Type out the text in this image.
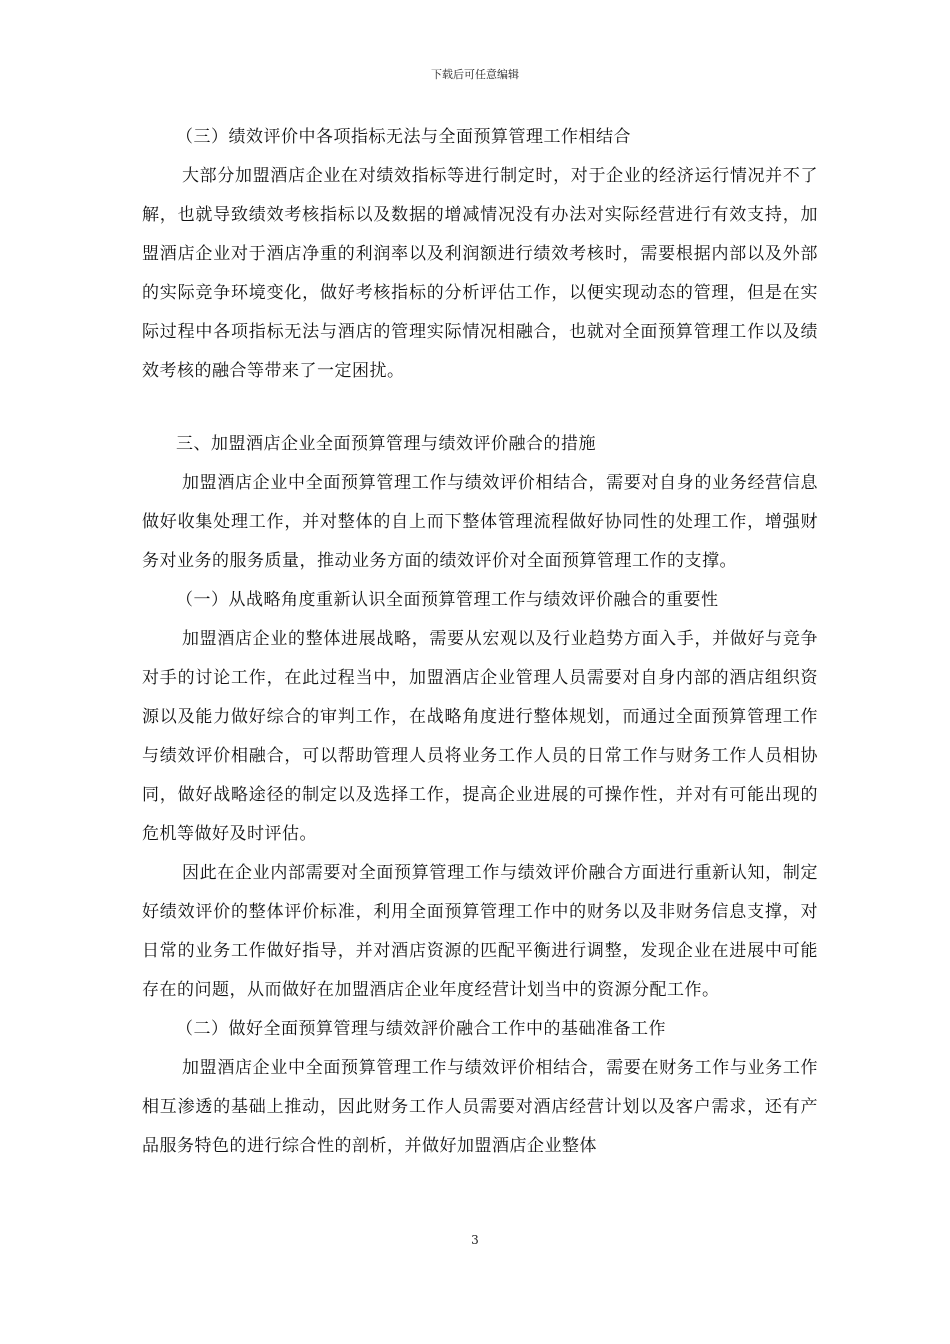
下载后可任意编辑

（三）绩效评价中各项指标无法与全面预算管理工作相结合

大部分加盟酒店企业在对绩效指标等进行制定时，对于企业的经济运行情况并不了解，也就导致绩效考核指标以及数据的增减情况没有办法对实际经营进行有效支持，加盟酒店企业对于酒店净重的利润率以及利润额进行绩效考核时，需要根据内部以及外部的实际竞争环境变化，做好考核指标的分析评估工作，以便实现动态的管理，但是在实际过程中各项指标无法与酒店的管理实际情况相融合，也就对全面预算管理工作以及绩效考核的融合等带来了一定困扰。

三、加盟酒店企业全面预算管理与绩效评价融合的措施

加盟酒店企业中全面预算管理工作与绩效评价相结合，需要对自身的业务经营信息做好收集处理工作，并对整体的自上而下整体管理流程做好协同性的处理工作，增强财务对业务的服务质量，推动业务方面的绩效评价对全面预算管理工作的支撑。

（一）从战略角度重新认识全面预算管理工作与绩效评价融合的重要性

加盟酒店企业的整体进展战略，需要从宏观以及行业趋势方面入手，并做好与竞争对手的讨论工作，在此过程当中，加盟酒店企业管理人员需要对自身内部的酒店组织资源以及能力做好综合的审判工作，在战略角度进行整体规划，而通过全面预算管理工作与绩效评价相融合，可以帮助管理人员将业务工作人员的日常工作与财务工作人员相协同，做好战略途径的制定以及选择工作，提高企业进展的可操作性，并对有可能出现的危机等做好及时评估。

因此在企业内部需要对全面预算管理工作与绩效评价融合方面进行重新认知，制定好绩效评价的整体评价标准，利用全面预算管理工作中的财务以及非财务信息支撑，对日常的业务工作做好指导，并对酒店资源的匹配平衡进行调整，发现企业在进展中可能存在的问题，从而做好在加盟酒店企业年度经营计划当中的资源分配工作。

（二）做好全面预算管理与绩效評价融合工作中的基础准备工作

加盟酒店企业中全面预算管理工作与绩效评价相结合，需要在财务工作与业务工作相互渗透的基础上推动，因此财务工作人员需要对酒店经营计划以及客户需求，还有产品服务特色的进行综合性的剖析，并做好加盟酒店企业整体

3
